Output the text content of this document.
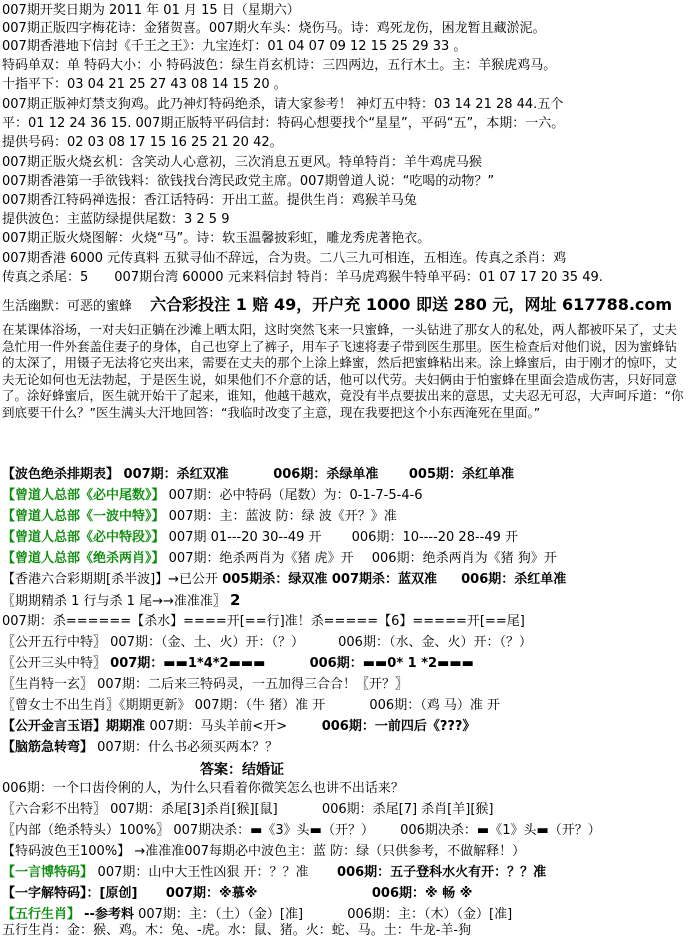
007期开奖日期为 2011 年 01 月 15 日（星期六）
007期正版四字梅花诗：金猪贺喜。007期火车头：烧伤马。诗：鸡死龙伤，困龙暂且藏淤泥。
007期香港地下信封《千王之王》：九宝连灯：01 04 07 09 12 15 25 29 33 。
特码单双：单 特码大小：小 特码波色：绿生肖玄机诗：三四两边，五行木土。主：羊猴虎鸡马。
十指平下：03 04 21 25 27 43 08 14 15 20 。
007期正版神灯禁支狗鸡。此乃神灯特码绝杀，请大家参考！ 神灯五中特：03 14 21 28 44.五个
平：01 12 24 36 15. 007期正版特平码信封：特码心想要找个“星星”，平码“五”，本期：一六。
提供号码：02 03 08 17 15 16 25 21 20 42。
007期正版火烧玄机：含笑动人心意初，三次消息五更风。特单特肖：羊牛鸡虎马猴
007期香港第一手欲钱料：欲钱找台湾民政党主席。007期曾道人说：“吃喝的动物？”
007期香江特码禅选报：香江话特码：开出工蓝。提供生肖：鸡猴羊马兔
提供波色：主蓝防绿提供尾数：3 2 5 9
007期正版火烧图解：火烧“马”。诗：软玉温馨披彩虹，雕龙秀虎著艳衣。
007期香港 6000 元传真料 五狱寻仙不辞远，合为贵。二八三九可相连，五相连。传真之杀肖：鸡
传真之杀尾：5　　007期台湾 60000 元来料信封 特肖：羊马虎鸡猴牛特单平码：01 07 17 20 35 49.
生活幽默：可恶的蜜蜂 六合彩投注 1 赔 49，开户充 1000 即送 280 元，网址 617788.com
在某课体浴场，一对夫妇正躺在沙滩上晒太阳，这时突然飞来一只蜜蜂，一头钻进了那女人的私处，两人都被吓呆了，丈夫急忙用一件外套盖住妻子的身体，自己也穿上了裤子，用车子飞速将妻子带到医生那里。医生检查后对他们说，因为蜜蜂钻的太深了，用镊子无法将它夹出来，需要在丈夫的那个上涂上蜂蜜，然后把蜜蜂粘出来。涂上蜂蜜后，由于刚才的惊吓，丈夫无论如何也无法勃起，于是医生说，如果他们不介意的话，他可以代劳。夫妇俩由于怕蜜蜂在里面会造成伤害，只好同意了。涂好蜂蜜后，医生就开始干了起来，谁知，他越干越欢，竟没有半点要拔出来的意思，丈夫忍无可忍，大声呵斥道：“你到底要干什么？”医生满头大汗地回答：“我临时改变了主意，现在我要把这个小东西淹死在里面。”
【波色绝杀排期表】 007期：杀红双准	006期：杀绿单准 005期：杀红单准
【曾道人总部《必中尾数》】 007期：必中特码（尾数）为：0-1-7-5-4-6
【曾道人总部《一波中特》】 007期：主：蓝波 防：绿 波《开？》准
【曾道人总部《必中特段》】 007期 01---20 30--49 开 006期：10----20 28--49 开
【曾道人总部《绝杀两肖》】 007期：绝杀两肖为《猪 虎》开 006期：绝杀两肖为《猪 狗》开
【香港六合彩期期[杀半波]】→已公开 005期杀：绿双准 007期杀：蓝双准 006期：杀红单准
〖期期精杀 1 行与杀 1 尾→→准准准〗 2
007期：杀======【杀水】====开[==行]准！杀=====【6】=====开[==尾]
〖公开五行中特〗 007期：（金、土、火）开：（？）	006期：（水、金、火）开：（？）
〖公开三头中特〗 007期：▬▬1*4*2▬▬▬	006期：▬▬0* 1 *2▬▬▬
〖生肖特一玄〗 007期：二后来三特码灵，一五加得三合合！〖开？〗
〖曾女士不出生肖〗《期期更新》 007期：（牛 猪）准 开	006期：（鸡 马）准 开
【公开金言玉语】期期准 007期：马头羊前<开>	006期：一前四后《???》
【脑筋急转弯】 007期：什么书必须买两本？？
答案：结婚证
006期：一个口齿伶俐的人，为什么只看着你微笑怎么也讲不出话来？
〖六合彩不出特〗 007期：杀尾[3]杀肖[猴][鼠]	006期：杀尾[7] 杀肖[羊][猴]
〖内部（绝杀特头）100%〗 007期决杀：▬《3》头▬（开？） 006期决杀：▬《1》头▬（开？）
【特码波色王100%】 →准准准007每期必中波色主：蓝 防：绿（只供参考，不做解释！）
【一言博特码】 007期：山中大王性凶狠 开：？？准 006期：五子登科水火有开：？？准
【一字解特码】：[原创] 007期：※慕※	006期：※ 畅 ※
【五行生肖】 --参考料 007期：主：（土）（金）[准]	006期：主：（木）（金）[准]
五行生肖：金：猴、鸡。木：兔、-虎。水：鼠、猪。火：蛇、马。土：牛龙-羊-狗
